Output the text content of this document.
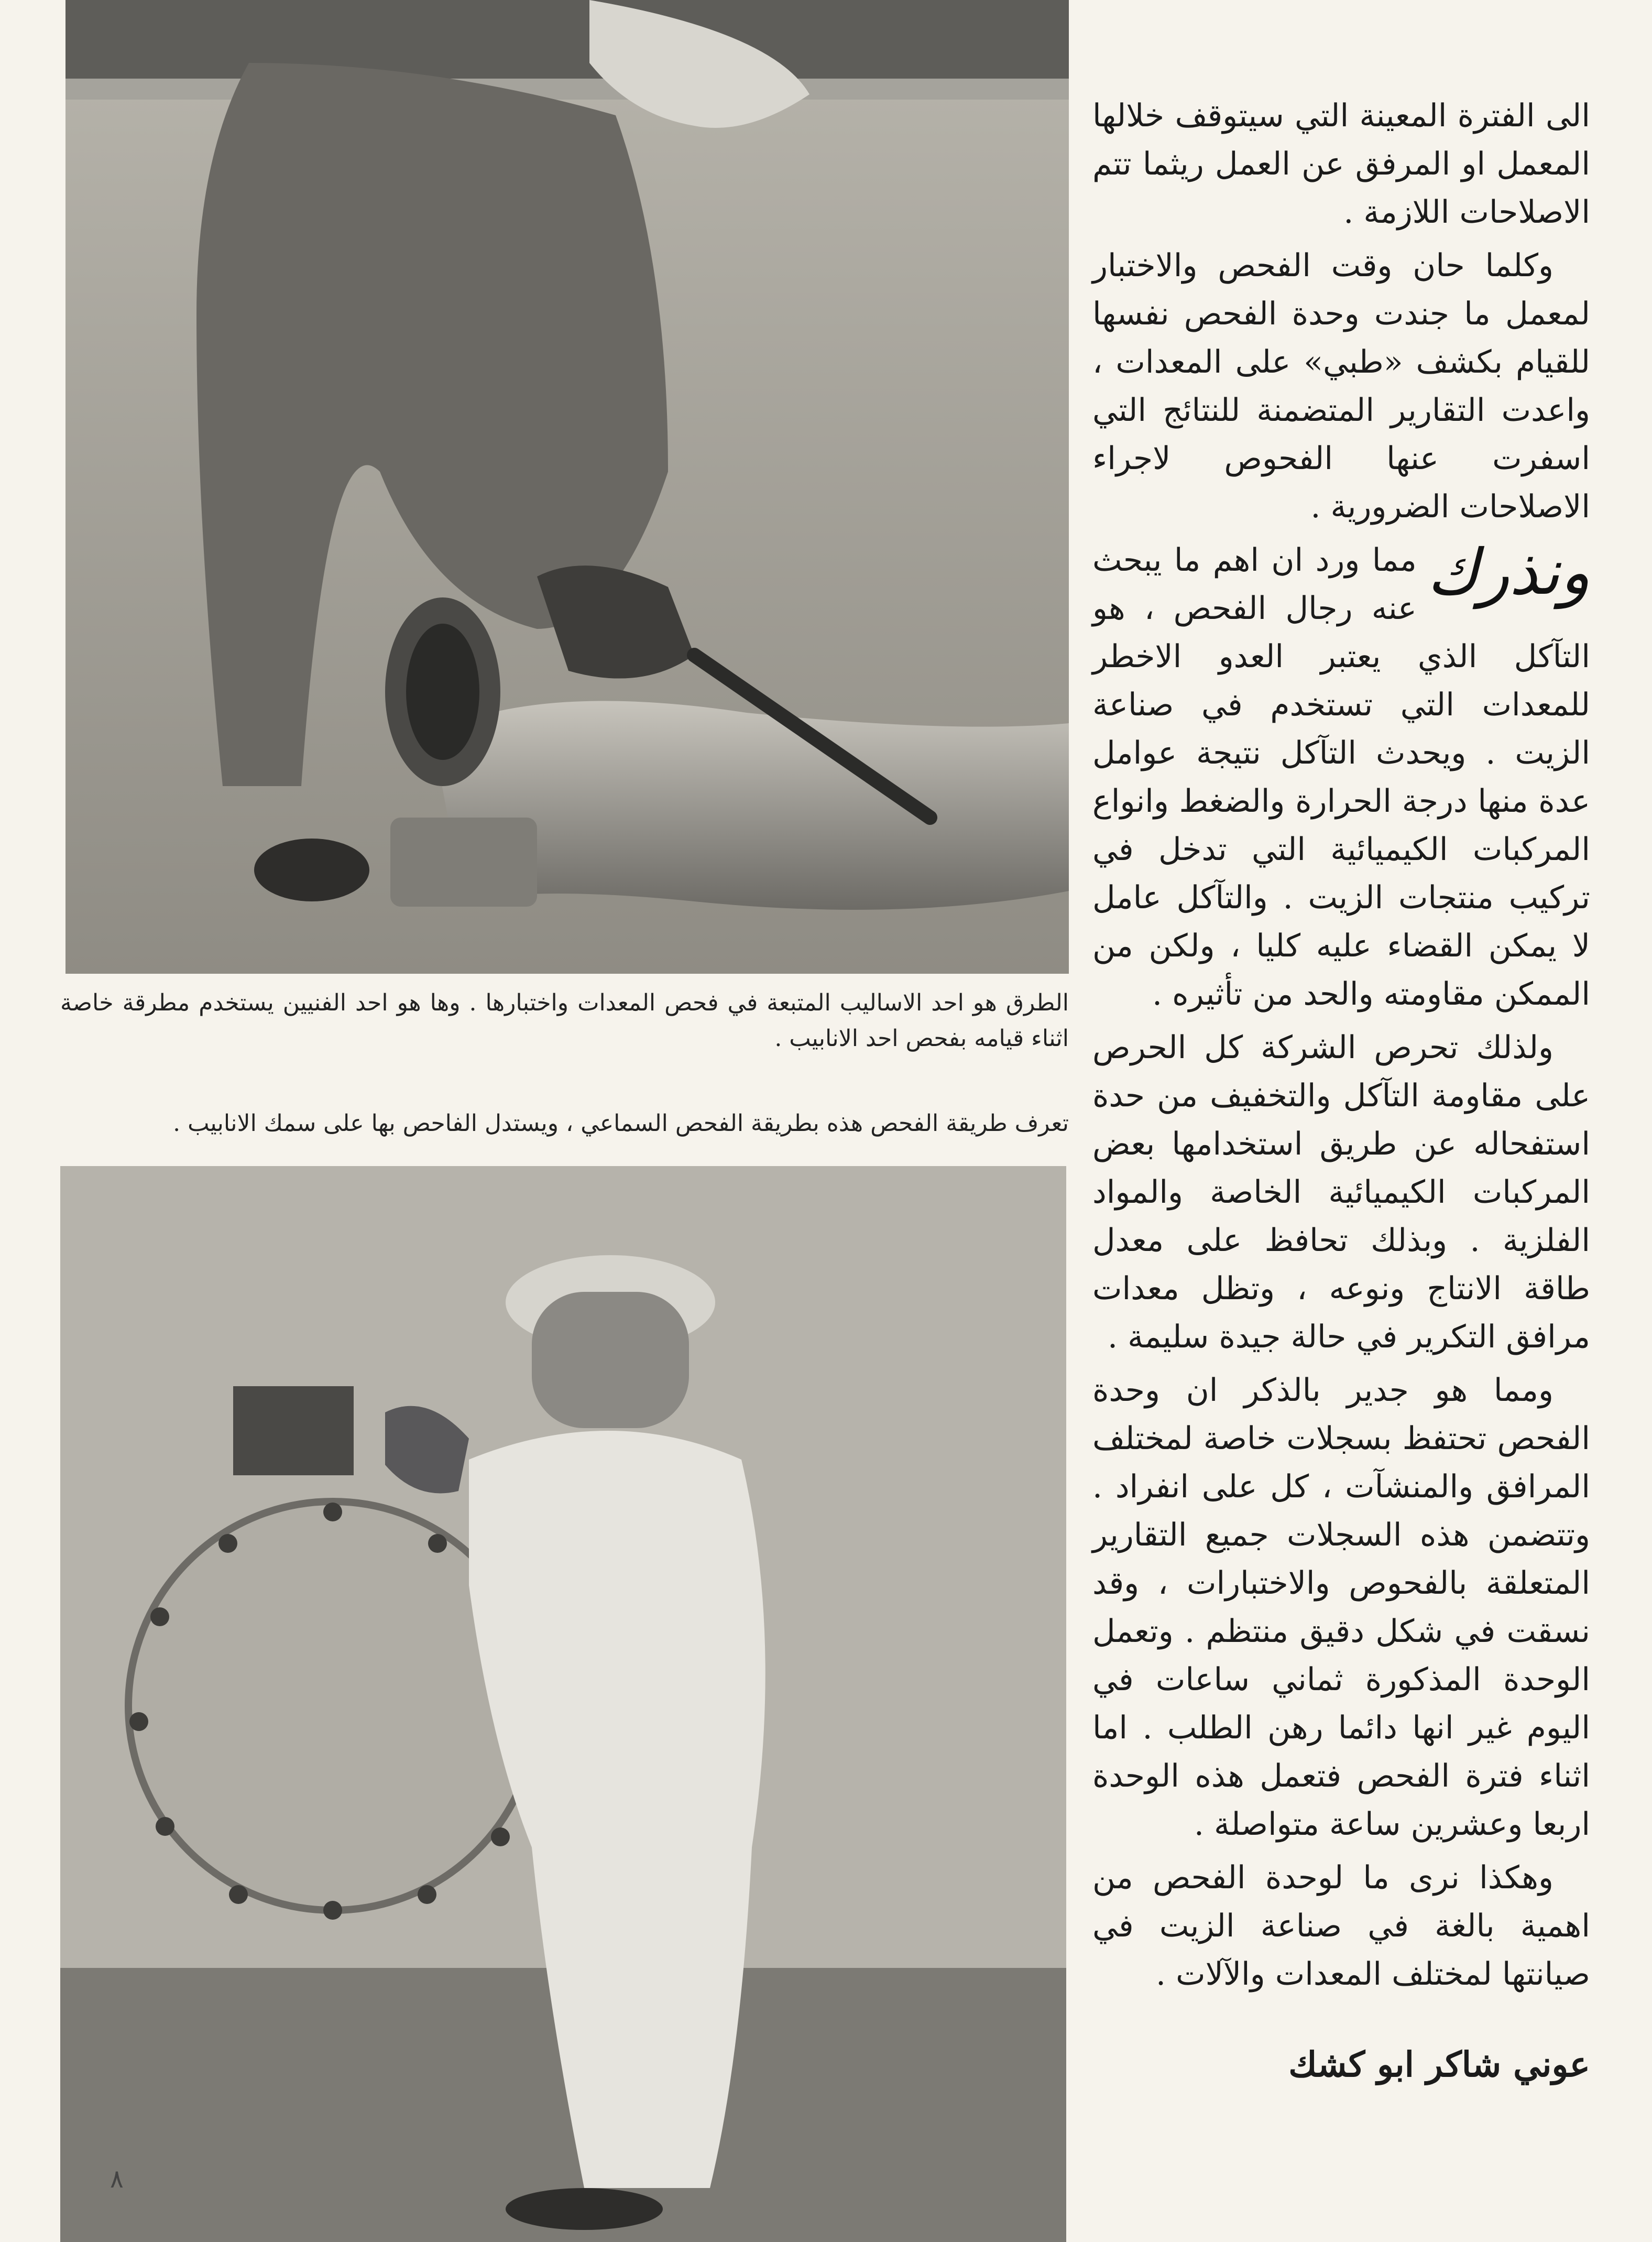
الطرق هو احد الاساليب المتبعة في فحص المعدات واختبارها . وها هو احد الفنيين يستخدم مطرقة خاصة اثناء قيامه بفحص احد الانابيب .
تعرف طريقة الفحص هذه بطريقة الفحص السماعي ، ويستدل الفاحص بها على سمك الانابيب .

الى الفترة المعينة التي سيتوقف خلالها المعمل او المرفق عن العمل ريثما تتم الاصلاحات اللازمة .

وكلما حان وقت الفحص والاختبار لمعمل ما جندت وحدة الفحص نفسها للقيام بكشف «طبي» على المعدات ، واعدت التقارير المتضمنة للنتائج التي اسفرت عنها الفحوص لاجراء الاصلاحات الضرورية .

ونذرك
مما ورد ان اهم ما يبحث عنه رجال الفحص ، هو التآكل الذي يعتبر العدو الاخطر للمعدات التي تستخدم في صناعة الزيت . ويحدث التآكل نتيجة عوامل عدة منها درجة الحرارة والضغط وانواع المركبات الكيميائية التي تدخل في تركيب منتجات الزيت . والتآكل عامل لا يمكن القضاء عليه كليا ، ولكن من الممكن مقاومته والحد من تأثيره .

ولذلك تحرص الشركة كل الحرص على مقاومة التآكل والتخفيف من حدة استفحاله عن طريق استخدامها بعض المركبات الكيميائية الخاصة والمواد الفلزية . وبذلك تحافظ على معدل طاقة الانتاج ونوعه ، وتظل معدات مرافق التكرير في حالة جيدة سليمة .

ومما هو جدير بالذكر ان وحدة الفحص تحتفظ بسجلات خاصة لمختلف المرافق والمنشآت ، كل على انفراد . وتتضمن هذه السجلات جميع التقارير المتعلقة بالفحوص والاختبارات ، وقد نسقت في شكل دقيق منتظم . وتعمل الوحدة المذكورة ثماني ساعات في اليوم غير انها دائما رهن الطلب . اما اثناء فترة الفحص فتعمل هذه الوحدة اربعا وعشرين ساعة متواصلة .

وهكذا نرى ما لوحدة الفحص من اهمية بالغة في صناعة الزيت في صيانتها لمختلف المعدات والآلات .

عوني شاكر ابو كشك
٨
